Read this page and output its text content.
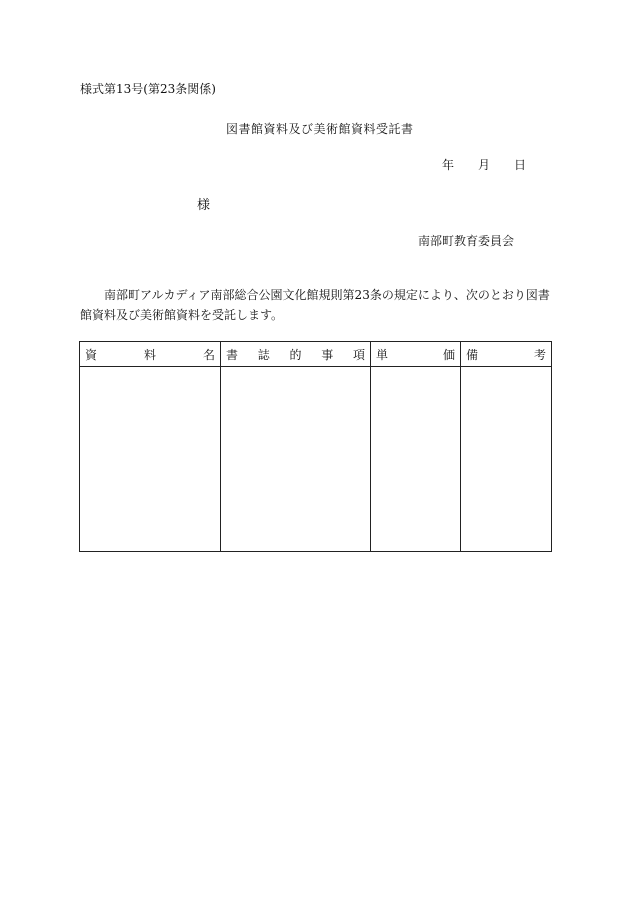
様式第13号(第23条関係)
図書館資料及び美術館資料受託書
年 月 日
様
南部町教育委員会
南部町アルカディア南部総合公園文化館規則第23条の規定により、次のとおり図書館資料及び美術館資料を受託します。
資 料 名	書 誌 的 事 項	単 価	備 考
